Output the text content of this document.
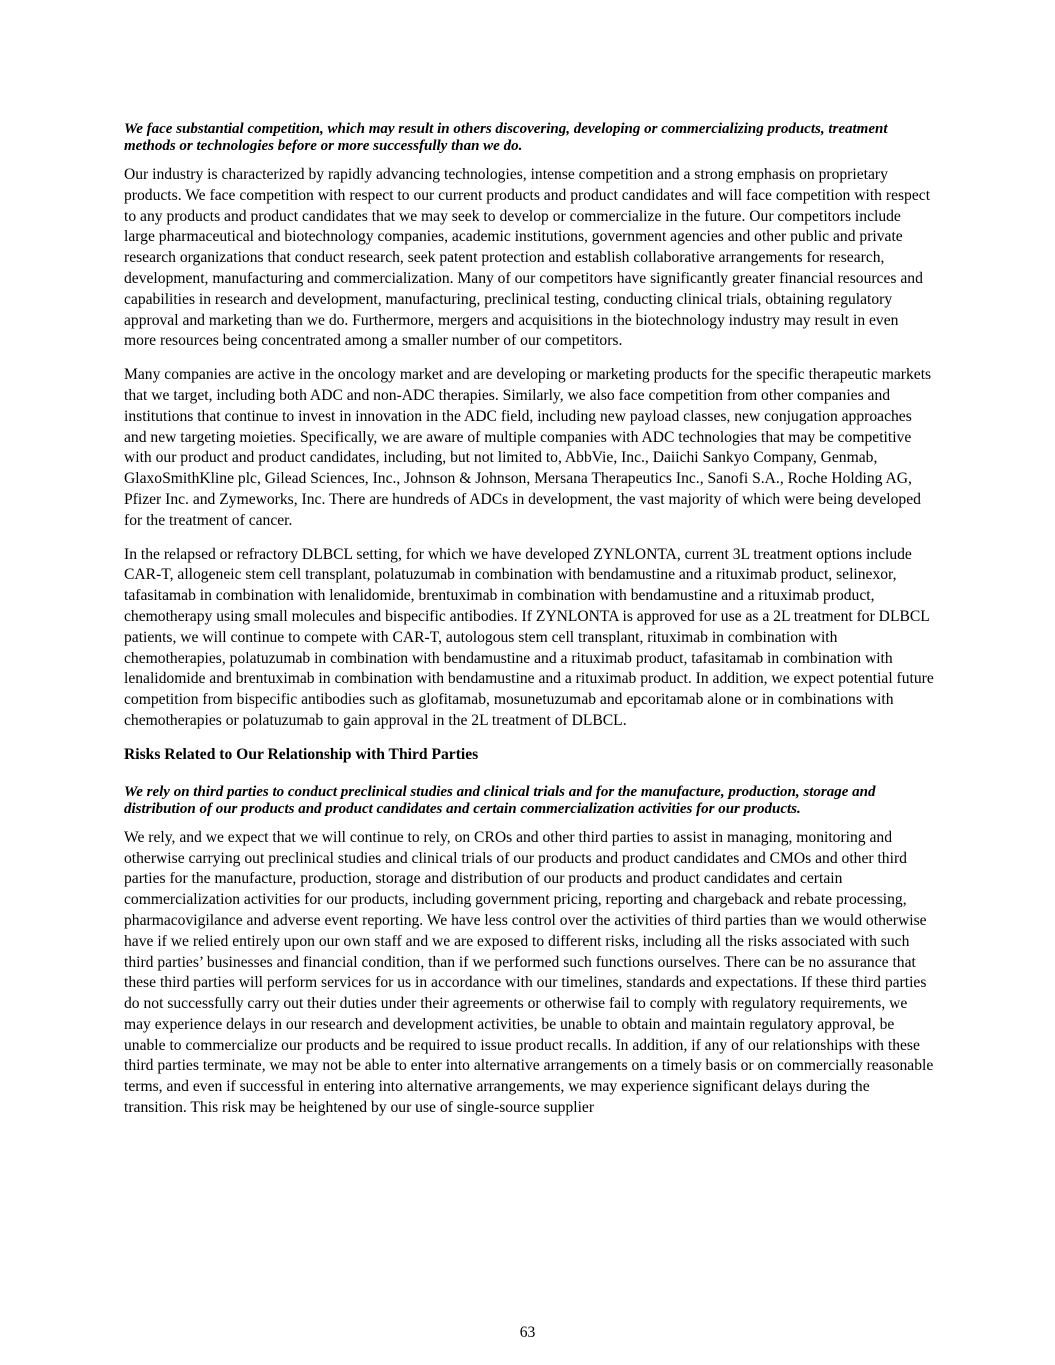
We face substantial competition, which may result in others discovering, developing or commercializing products, treatment methods or technologies before or more successfully than we do.

Our industry is characterized by rapidly advancing technologies, intense competition and a strong emphasis on proprietary products. We face competition with respect to our current products and product candidates and will face competition with respect to any products and product candidates that we may seek to develop or commercialize in the future. Our competitors include large pharmaceutical and biotechnology companies, academic institutions, government agencies and other public and private research organizations that conduct research, seek patent protection and establish collaborative arrangements for research, development, manufacturing and commercialization. Many of our competitors have significantly greater financial resources and capabilities in research and development, manufacturing, preclinical testing, conducting clinical trials, obtaining regulatory approval and marketing than we do. Furthermore, mergers and acquisitions in the biotechnology industry may result in even more resources being concentrated among a smaller number of our competitors.

Many companies are active in the oncology market and are developing or marketing products for the specific therapeutic markets that we target, including both ADC and non-ADC therapies. Similarly, we also face competition from other companies and institutions that continue to invest in innovation in the ADC field, including new payload classes, new conjugation approaches and new targeting moieties. Specifically, we are aware of multiple companies with ADC technologies that may be competitive with our product and product candidates, including, but not limited to, AbbVie, Inc., Daiichi Sankyo Company, Genmab, GlaxoSmithKline plc, Gilead Sciences, Inc., Johnson & Johnson, Mersana Therapeutics Inc., Sanofi S.A., Roche Holding AG, Pfizer Inc. and Zymeworks, Inc. There are hundreds of ADCs in development, the vast majority of which were being developed for the treatment of cancer.

In the relapsed or refractory DLBCL setting, for which we have developed ZYNLONTA, current 3L treatment options include CAR-T, allogeneic stem cell transplant, polatuzumab in combination with bendamustine and a rituximab product, selinexor, tafasitamab in combination with lenalidomide, brentuximab in combination with bendamustine and a rituximab product, chemotherapy using small molecules and bispecific antibodies. If ZYNLONTA is approved for use as a 2L treatment for DLBCL patients, we will continue to compete with CAR-T, autologous stem cell transplant, rituximab in combination with chemotherapies, polatuzumab in combination with bendamustine and a rituximab product, tafasitamab in combination with lenalidomide and brentuximab in combination with bendamustine and a rituximab product. In addition, we expect potential future competition from bispecific antibodies such as glofitamab, mosunetuzumab and epcoritamab alone or in combinations with chemotherapies or polatuzumab to gain approval in the 2L treatment of DLBCL.

Risks Related to Our Relationship with Third Parties

We rely on third parties to conduct preclinical studies and clinical trials and for the manufacture, production, storage and distribution of our products and product candidates and certain commercialization activities for our products.

We rely, and we expect that we will continue to rely, on CROs and other third parties to assist in managing, monitoring and otherwise carrying out preclinical studies and clinical trials of our products and product candidates and CMOs and other third parties for the manufacture, production, storage and distribution of our products and product candidates and certain commercialization activities for our products, including government pricing, reporting and chargeback and rebate processing, pharmacovigilance and adverse event reporting. We have less control over the activities of third parties than we would otherwise have if we relied entirely upon our own staff and we are exposed to different risks, including all the risks associated with such third parties’ businesses and financial condition, than if we performed such functions ourselves. There can be no assurance that these third parties will perform services for us in accordance with our timelines, standards and expectations. If these third parties do not successfully carry out their duties under their agreements or otherwise fail to comply with regulatory requirements, we may experience delays in our research and development activities, be unable to obtain and maintain regulatory approval, be unable to commercialize our products and be required to issue product recalls. In addition, if any of our relationships with these third parties terminate, we may not be able to enter into alternative arrangements on a timely basis or on commercially reasonable terms, and even if successful in entering into alternative arrangements, we may experience significant delays during the transition. This risk may be heightened by our use of single-source supplier

63
